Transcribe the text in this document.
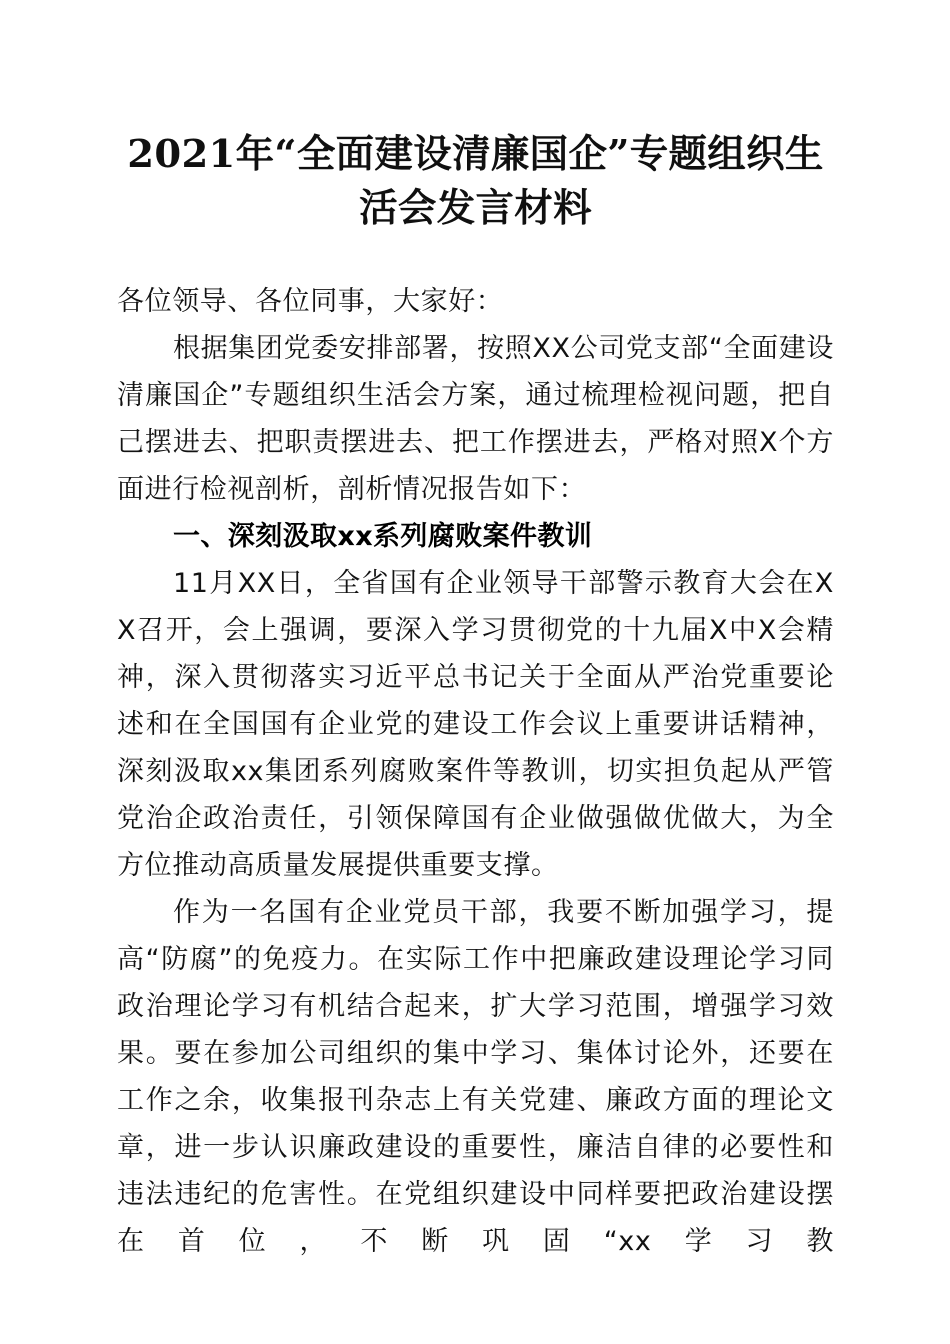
2021年“全面建设清廉国企”专题组织生活会发言材料

各位领导、各位同事，大家好：

根据集团党委安排部署，按照XX公司党支部“全面建设清廉国企”专题组织生活会方案，通过梳理检视问题，把自己摆进去、把职责摆进去、把工作摆进去，严格对照X个方面进行检视剖析，剖析情况报告如下：

一、深刻汲取xx系列腐败案件教训

11月XX日，全省国有企业领导干部警示教育大会在XX召开，会上强调，要深入学习贯彻党的十九届X中X会精神，深入贯彻落实习近平总书记关于全面从严治党重要论述和在全国国有企业党的建设工作会议上重要讲话精神，深刻汲取xx集团系列腐败案件等教训，切实担负起从严管党治企政治责任，引领保障国有企业做强做优做大，为全方位推动高质量发展提供重要支撑。

作为一名国有企业党员干部，我要不断加强学习，提高“防腐”的免疫力。在实际工作中把廉政建设理论学习同政治理论学习有机结合起来，扩大学习范围，增强学习效果。要在参加公司组织的集中学习、集体讨论外，还要在工作之余，收集报刊杂志上有关党建、廉政方面的理论文章，进一步认识廉政建设的重要性，廉洁自律的必要性和违法违纪的危害性。在党组织建设中同样要把政治建设摆在首位，不断巩固“xx学习教
